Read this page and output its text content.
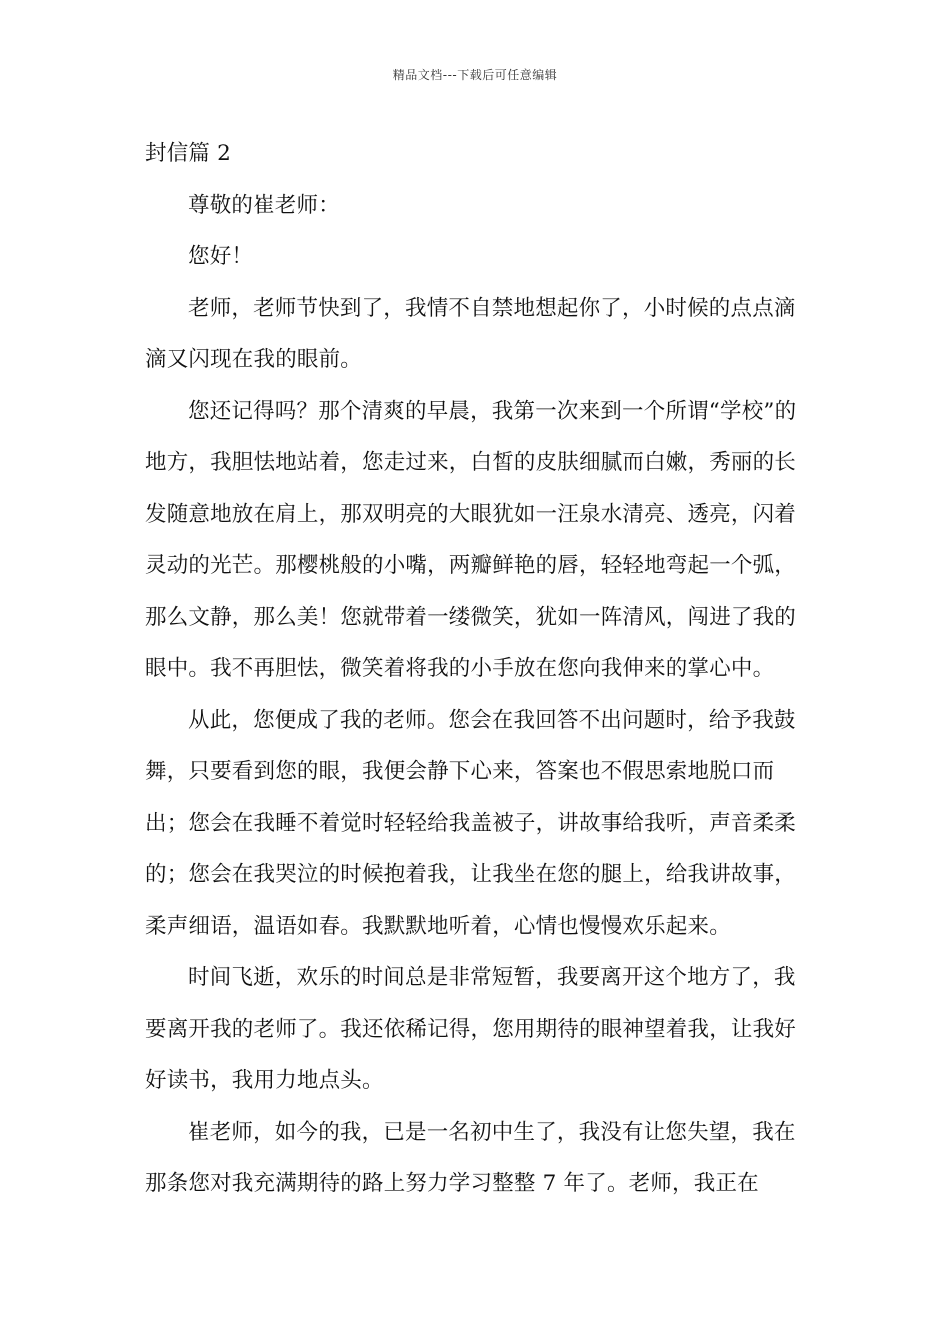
精品文档---下载后可任意编辑

封信篇 2

尊敬的崔老师：

您好！

老师，老师节快到了，我情不自禁地想起你了，小时候的点点滴滴又闪现在我的眼前。

您还记得吗？那个清爽的早晨，我第一次来到一个所谓“学校”的地方，我胆怯地站着，您走过来，白皙的皮肤细腻而白嫩，秀丽的长发随意地放在肩上，那双明亮的大眼犹如一汪泉水清亮、透亮，闪着灵动的光芒。那樱桃般的小嘴，两瓣鲜艳的唇，轻轻地弯起一个弧，那么文静，那么美！您就带着一缕微笑，犹如一阵清风，闯进了我的眼中。我不再胆怯，微笑着将我的小手放在您向我伸来的掌心中。

从此，您便成了我的老师。您会在我回答不出问题时，给予我鼓舞，只要看到您的眼，我便会静下心来，答案也不假思索地脱口而出；您会在我睡不着觉时轻轻给我盖被子，讲故事给我听，声音柔柔的；您会在我哭泣的时候抱着我，让我坐在您的腿上，给我讲故事，柔声细语，温语如春。我默默地听着，心情也慢慢欢乐起来。

时间飞逝，欢乐的时间总是非常短暂，我要离开这个地方了，我要离开我的老师了。我还依稀记得，您用期待的眼神望着我，让我好好读书，我用力地点头。

崔老师，如今的我，已是一名初中生了，我没有让您失望，我在那条您对我充满期待的路上努力学习整整 7 年了。老师，我正在
